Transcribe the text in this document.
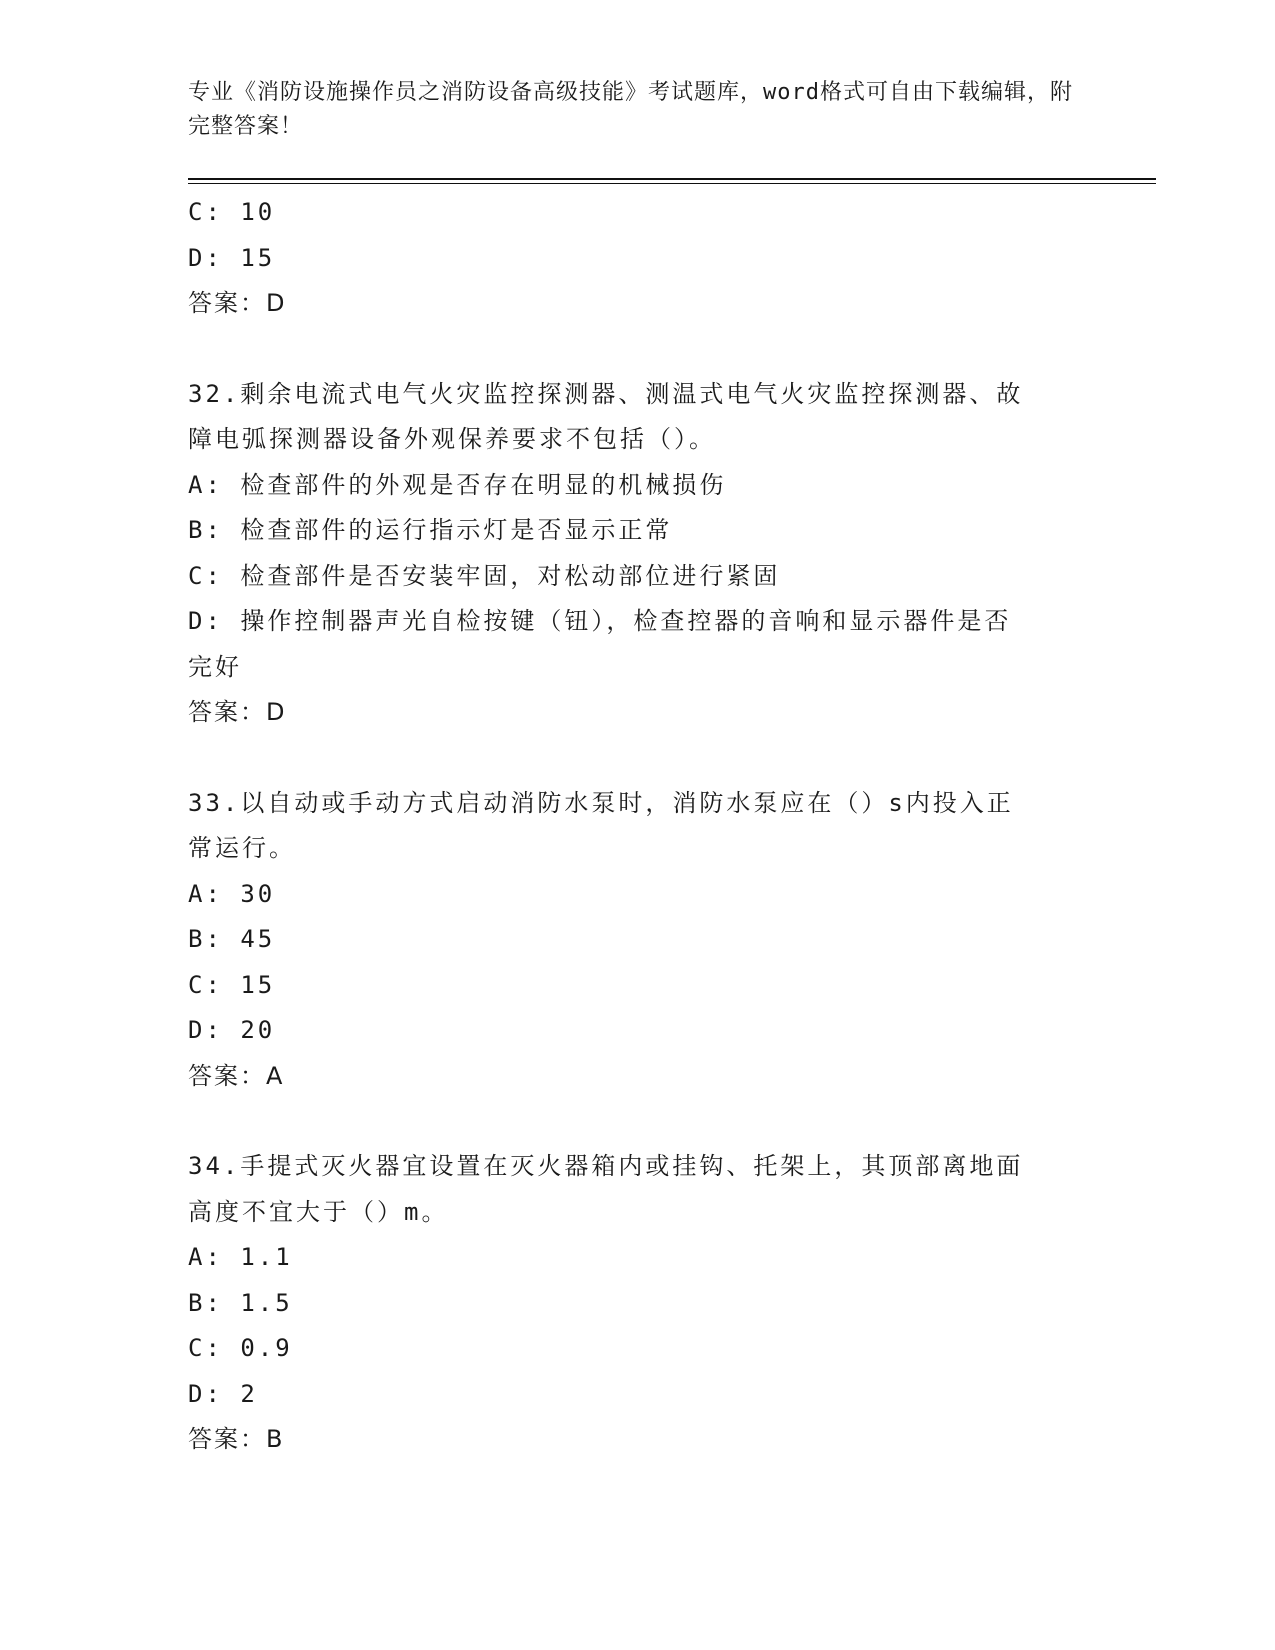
专业《消防设施操作员之消防设备高级技能》考试题库，word格式可自由下载编辑，附完整答案！
C: 10
D: 15
答案：D
32.剩余电流式电气火灾监控探测器、测温式电气火灾监控探测器、故
障电弧探测器设备外观保养要求不包括（）。
A: 检查部件的外观是否存在明显的机械损伤
B: 检查部件的运行指示灯是否显示正常
C: 检查部件是否安装牢固，对松动部位进行紧固
D: 操作控制器声光自检按键（钮），检查控器的音响和显示器件是否
完好
答案：D
33.以自动或手动方式启动消防水泵时，消防水泵应在（）s内投入正
常运行。
A: 30
B: 45
C: 15
D: 20
答案：A
34.手提式灭火器宜设置在灭火器箱内或挂钩、托架上，其顶部离地面
高度不宜大于（）m。
A: 1.1
B: 1.5
C: 0.9
D: 2
答案：B
